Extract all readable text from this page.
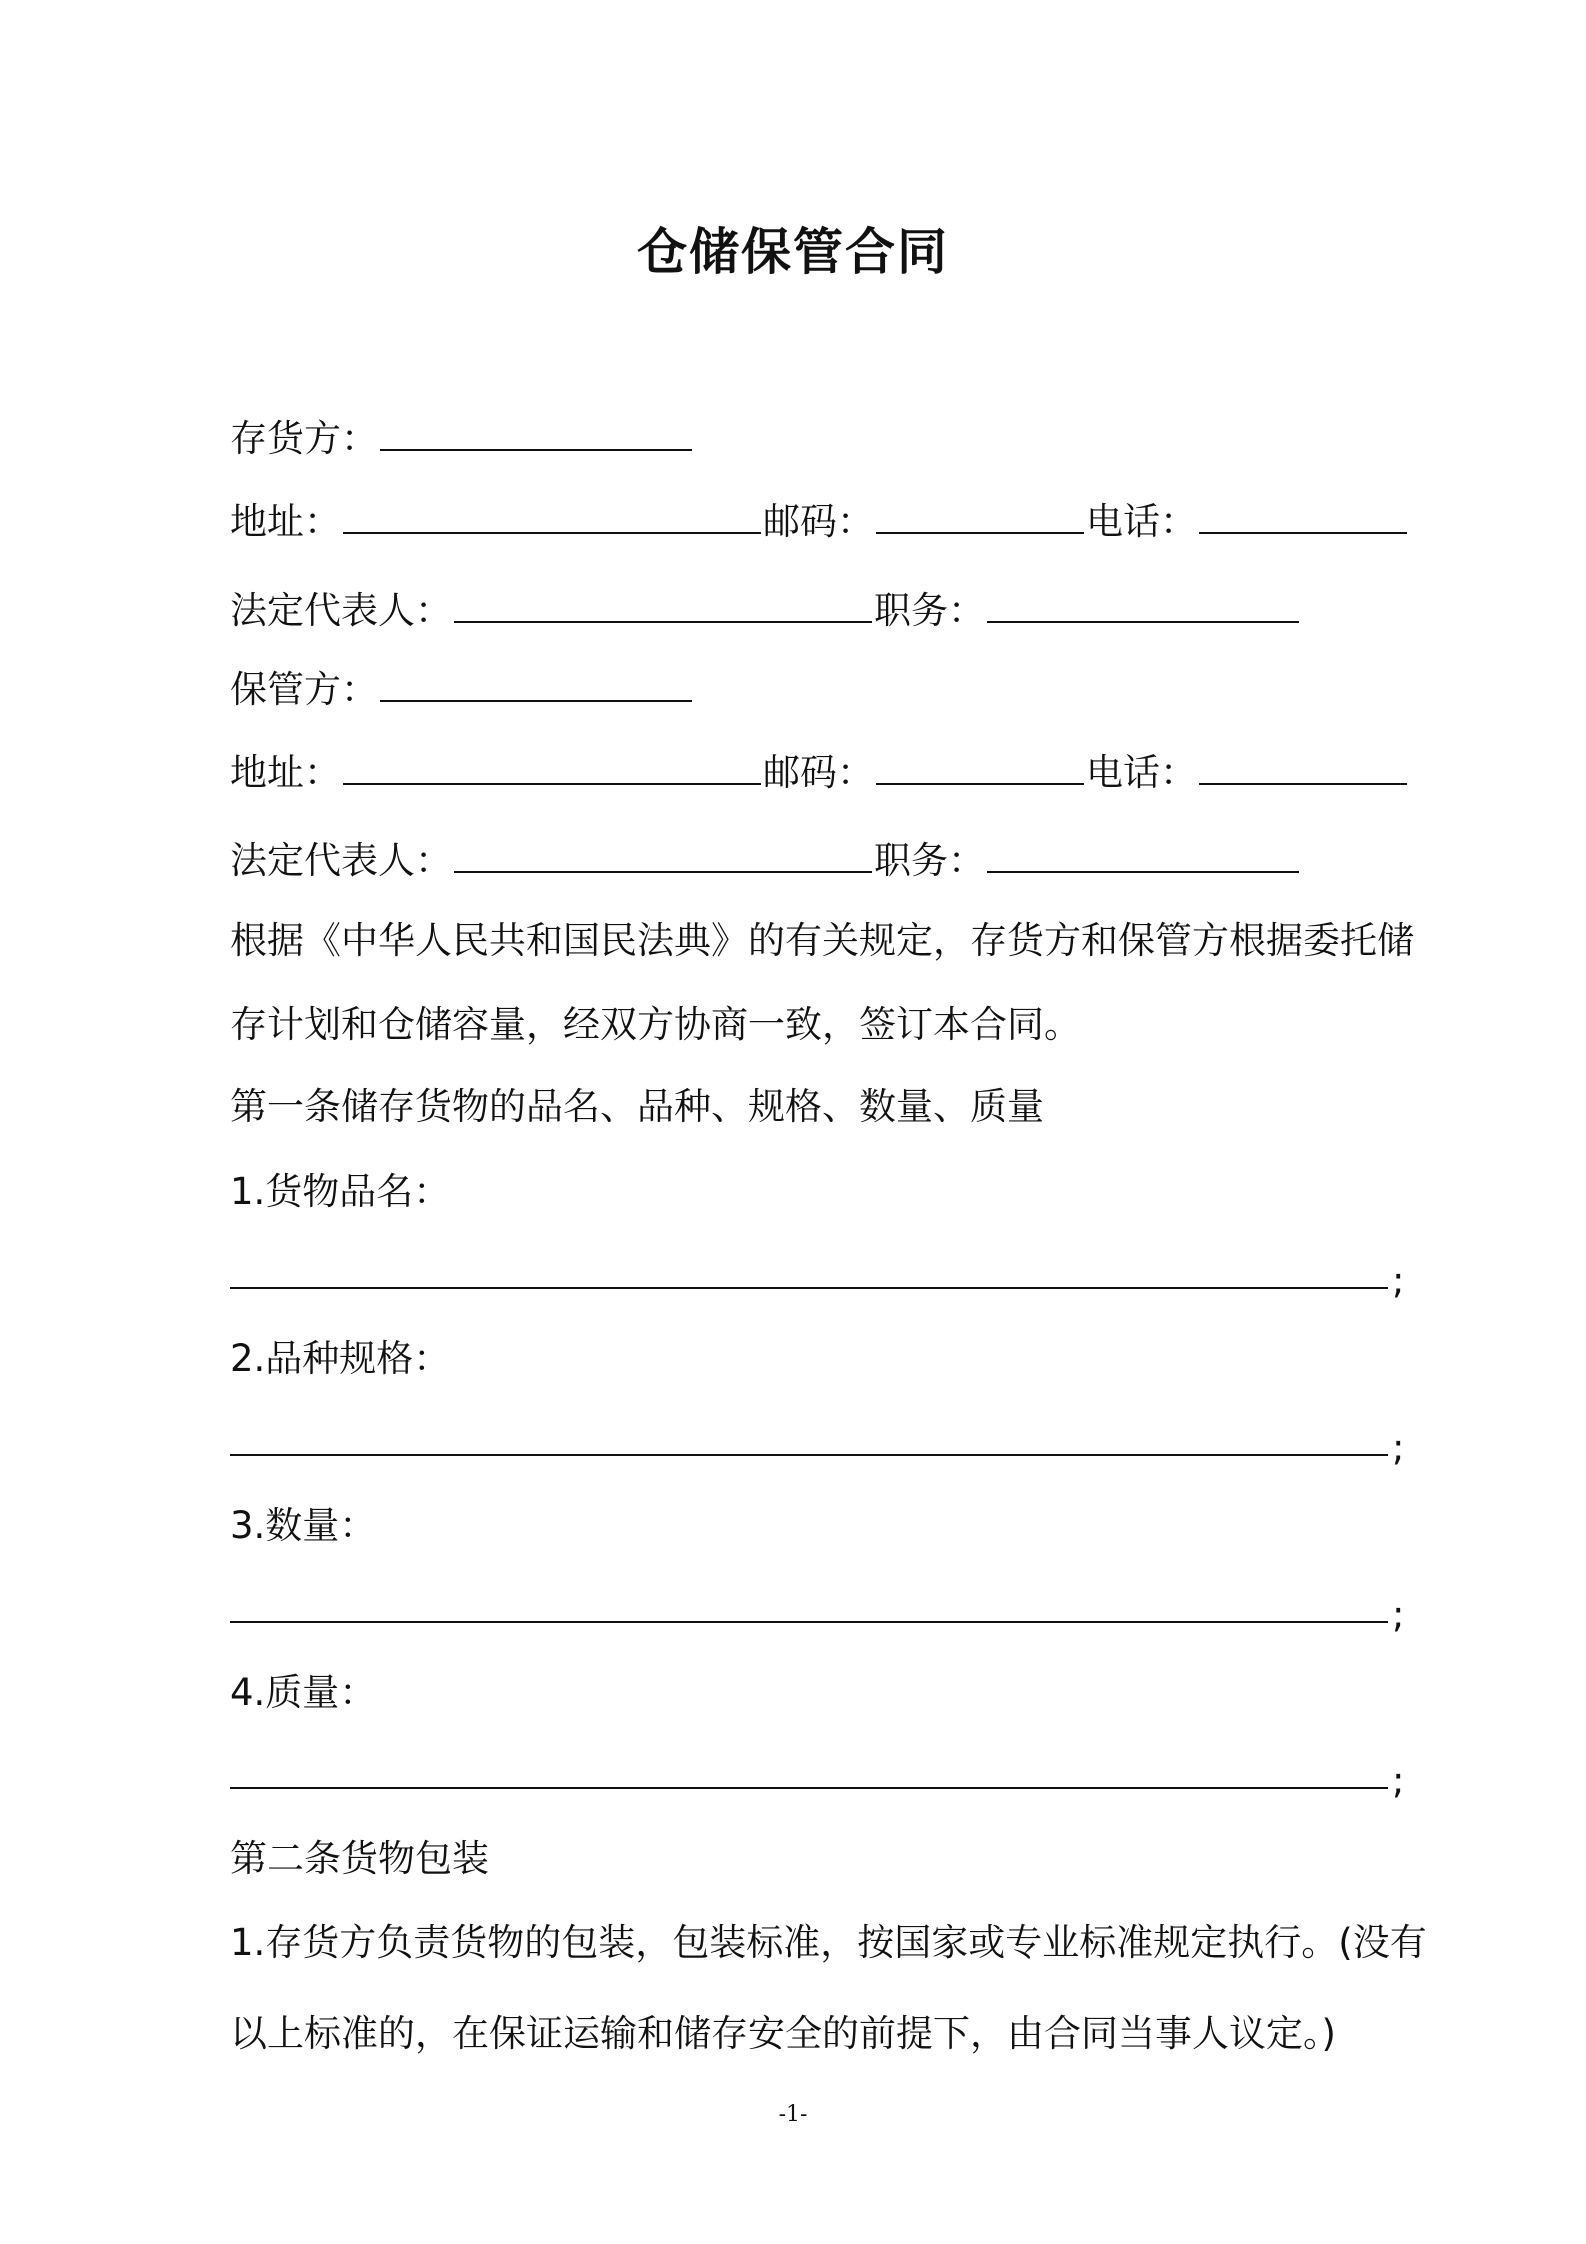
仓储保管合同
存货方：
地址：	邮码：	电话：
法定代表人：	职务：
保管方：
地址：	邮码：	电话：
法定代表人：	职务：
根据《中华人民共和国民法典》的有关规定，存货方和保管方根据委托储
存计划和仓储容量，经双方协商一致，签订本合同。
第一条储存货物的品名、品种、规格、数量、质量
1.货物品名：
;
2.品种规格：
;
3.数量：
;
4.质量：
;
第二条货物包装
1.存货方负责货物的包装，包装标准，按国家或专业标准规定执行。(没有
以上标准的，在保证运输和储存安全的前提下，由合同当事人议定。)
-1-
